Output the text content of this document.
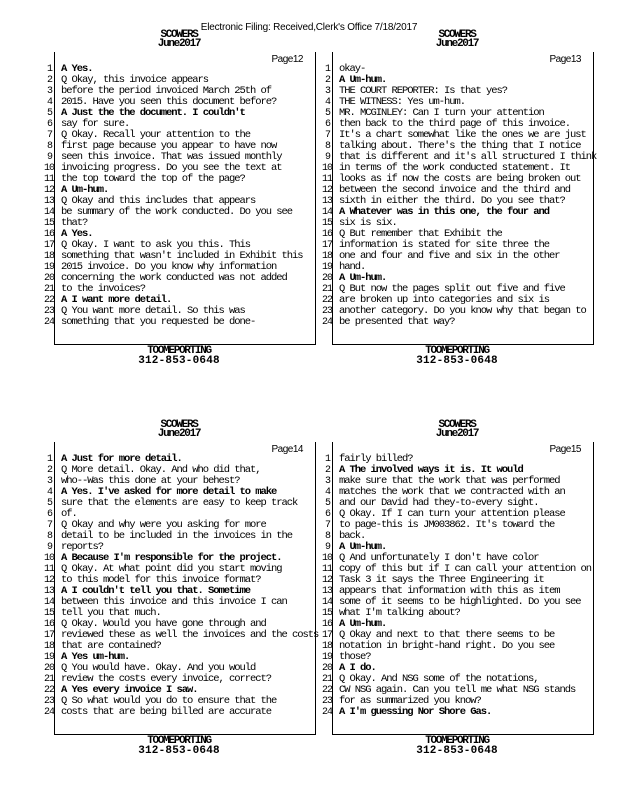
Electronic Filing: Received,Clerk's Office 7/18/2017
SCOWERS
June2017
Page12
1 A Yes.
2 Q Okay, this invoice appears
3 before the period invoiced March 25th of
4 2015. Have you seen this document before?
5 A Just the the document. I couldn't
6 say for sure.
7 Q Okay. Recall your attention to the
8 first page because you appear to have now
9 seen this invoice. That was issued monthly
10 invoicing progress. Do you see the text at
11 the top toward the top of the page?
12 A Um-hum.
13 Q Okay and this includes that appears
14 be summary of the work conducted. Do you see
15 that?
16 A Yes.
17 Q Okay. I want to ask you this. This
18 something that wasn't included in Exhibit this
19 2015 invoice. Do you know why information
20 concerning the work conducted was not added
21 to the invoices?
22 A I want more detail.
23 Q You want more detail. So this was
24 something that you requested be done-
TOOMEPORTING
312-853-0648
SCOWERS
June2017
Page13
1 okay-
2 A Um-hum.
3 THE COURT REPORTER: Is that yes?
4 THE WITNESS: Yes um-hum.
5 MR. MCGINLEY: Can I turn your attention
6 then back to the third page of this invoice.
7 It's a chart somewhat like the ones we are just
8 talking about. There's the thing that I notice
9 that is different and it's all structured I think
10 in terms of the work conducted statement. It
11 looks as if now the costs are being broken out
12 between the second invoice and the third and
13 sixth in either the third. Do you see that?
14 A Whatever was in this one, the four and
15 six is six.
16 Q But remember that Exhibit the
17 information is stated for site three the
18 one and four and five and six in the other
19 hand.
20 A Um-hum.
21 Q But now the pages split out five and five
22 are broken up into categories and six is
23 another category. Do you know why that began to
24 be presented that way?
TOOMEPORTING
312-853-0648
SCOWERS
June2017
Page14
1 A Just for more detail.
2 Q More detail. Okay. And who did that,
3 who--Was this done at your behest?
4 A Yes. I've asked for more detail to make
5 sure that the elements are easy to keep track
6 of.
7 Q Okay and why were you asking for more
8 detail to be included in the invoices in the
9 reports?
10 A Because I'm responsible for the project.
11 Q Okay. At what point did you start moving
12 to this model for this invoice format?
13 A I couldn't tell you that. Sometime
14 between this invoice and this invoice I can
15 tell you that much.
16 Q Okay. Would you have gone through and
17 reviewed these as well the invoices and the costs
18 that are contained?
19 A Yes um-hum.
20 Q You would have. Okay. And you would
21 review the costs every invoice, correct?
22 A Yes every invoice I saw.
23 Q So what would you do to ensure that the
24 costs that are being billed are accurate
TOOMEPORTING
312-853-0648
SCOWERS
June2017
Page15
1 fairly billed?
2 A The involved ways it is. It would
3 make sure that the work that was performed
4 matches the work that we contracted with an
5 and our David had they-to-every sight.
6 Q Okay. If I can turn your attention please
7 to page-this is JM003862. It's toward the
8 back.
9 A Um-hum.
10 Q And unfortunately I don't have color
11 copy of this but if I can call your attention on
12 Task 3 it says the Three Engineering it
13 appears that information with this as item
14 some of it seems to be highlighted. Do you see
15 what I'm talking about?
16 A Um-hum.
17 Q Okay and next to that there seems to be
18 notation in bright-hand right. Do you see
19 those?
20 A I do.
21 Q Okay. And NSG some of the notations,
22 CW NSG again. Can you tell me what NSG stands
23 for as summarized you know?
24 A I'm guessing Nor Shore Gas.
TOOMEPORTING
312-853-0648
